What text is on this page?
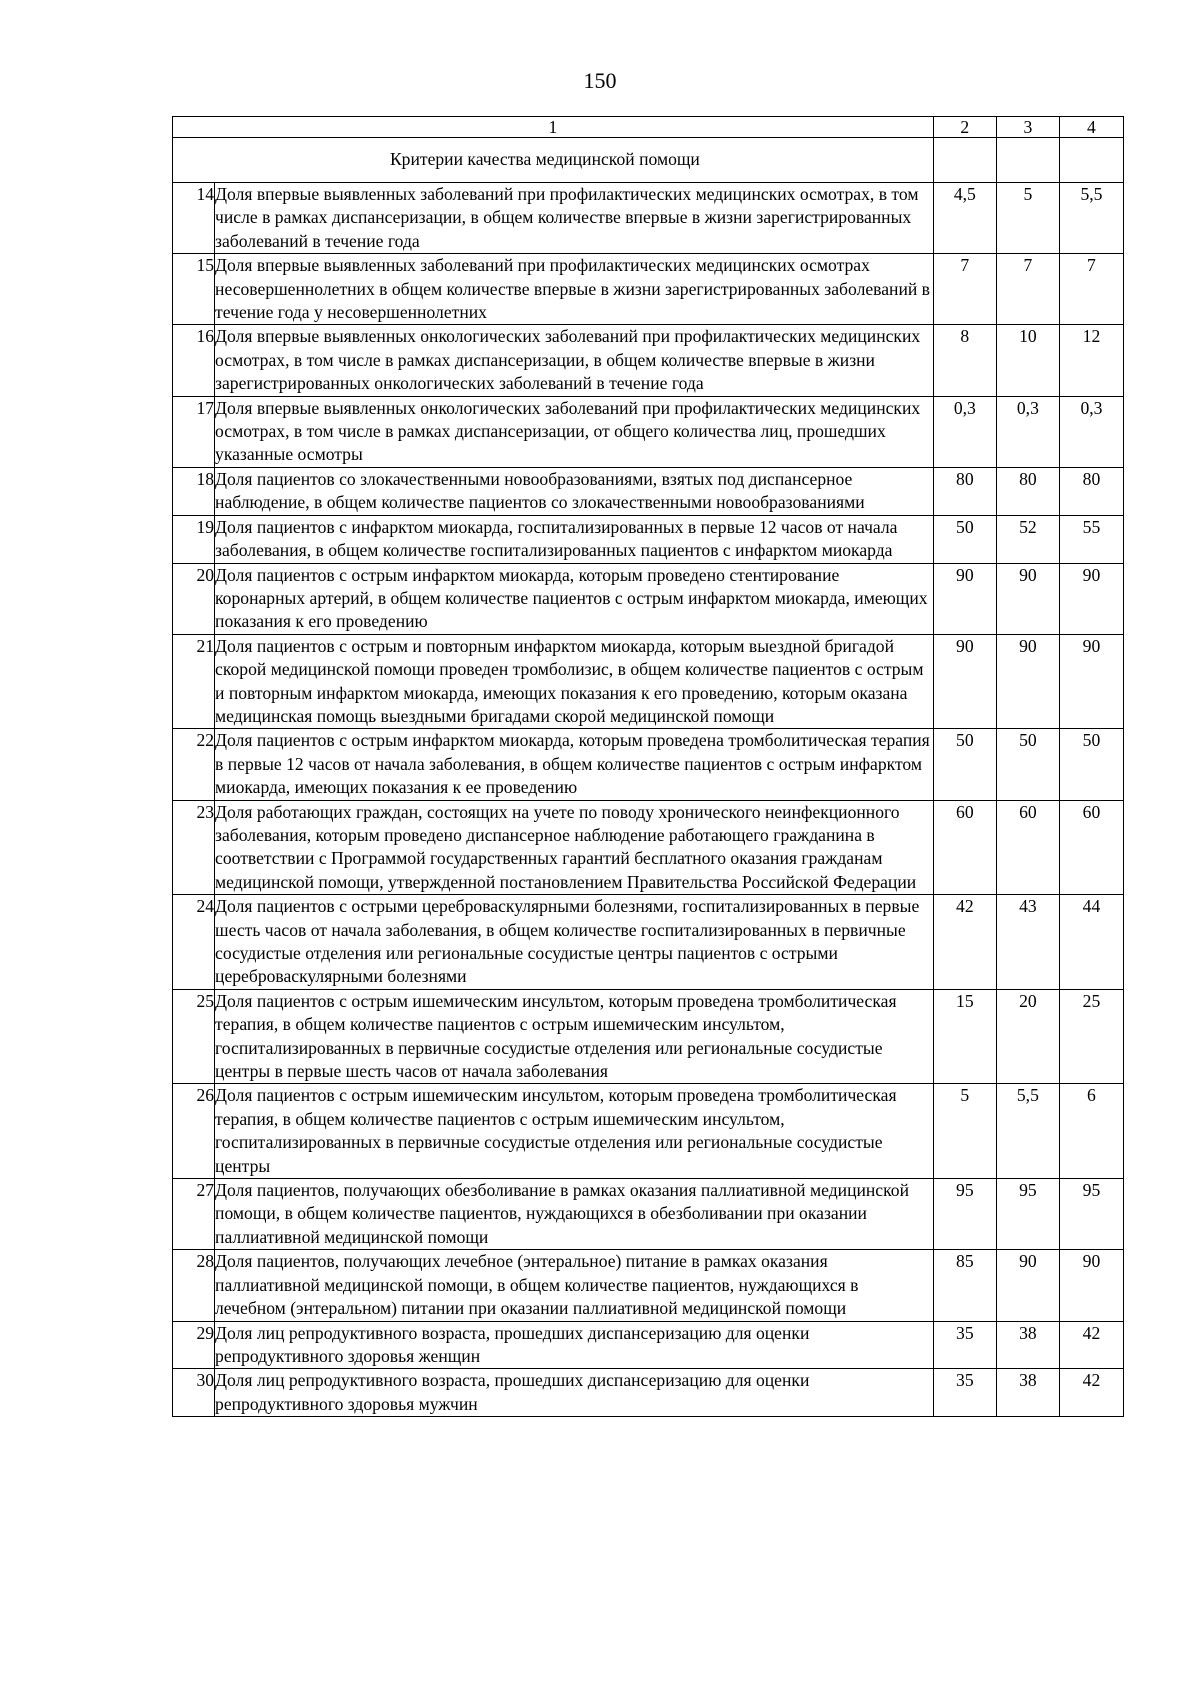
150
1		2	3	4
Критерии качества медицинской помощи				
14	Доля впервые выявленных заболеваний при профилактических медицинских осмотрах, в том числе в рамках диспансеризации, в общем количестве впервые в жизни зарегистрированных заболеваний в течение года	4,5	5	5,5
15	Доля впервые выявленных заболеваний при профилактических медицинских осмотрах несовершеннолетних в общем количестве впервые в жизни зарегистрированных заболеваний в течение года у несовершеннолетних	7	7	7
16	Доля впервые выявленных онкологических заболеваний при профилактических медицинских осмотрах, в том числе в рамках диспансеризации, в общем количестве впервые в жизни зарегистрированных онкологических заболеваний в течение года	8	10	12
17	Доля впервые выявленных онкологических заболеваний при профилактических медицинских осмотрах, в том числе в рамках диспансеризации, от общего количества лиц, прошедших указанные осмотры	0,3	0,3	0,3
18	Доля пациентов со злокачественными новообразованиями, взятых под диспансерное наблюдение, в общем количестве пациентов со злокачественными новообразованиями	80	80	80
19	Доля пациентов с инфарктом миокарда, госпитализированных в первые 12 часов от начала заболевания, в общем количестве госпитализированных пациентов с инфарктом миокарда	50	52	55
20	Доля пациентов с острым инфарктом миокарда, которым проведено стентирование коронарных артерий, в общем количестве пациентов с острым инфарктом миокарда, имеющих показания к его проведению	90	90	90
21	Доля пациентов с острым и повторным инфарктом миокарда, которым выездной бригадой скорой медицинской помощи проведен тромболизис, в общем количестве пациентов с острым и повторным инфарктом миокарда, имеющих показания к его проведению, которым оказана медицинская помощь выездными бригадами скорой медицинской помощи	90	90	90
22	Доля пациентов с острым инфарктом миокарда, которым проведена тромболитическая терапия в первые 12 часов от начала заболевания, в общем количестве пациентов с острым инфарктом миокарда, имеющих показания к ее проведению	50	50	50
23	Доля работающих граждан, состоящих на учете по поводу хронического неинфекционного заболевания, которым проведено диспансерное наблюдение работающего гражданина в соответствии с Программой государственных гарантий бесплатного оказания гражданам медицинской помощи, утвержденной постановлением Правительства Российской Федерации	60	60	60
24	Доля пациентов с острыми цереброваскулярными болезнями, госпитализированных в первые шесть часов от начала заболевания, в общем количестве госпитализированных в первичные сосудистые отделения или региональные сосудистые центры пациентов с острыми цереброваскулярными болезнями	42	43	44
25	Доля пациентов с острым ишемическим инсультом, которым проведена тромболитическая терапия, в общем количестве пациентов с острым ишемическим инсультом, госпитализированных в первичные сосудистые отделения или региональные сосудистые центры в первые шесть часов от начала заболевания	15	20	25
26	Доля пациентов с острым ишемическим инсультом, которым проведена тромболитическая терапия, в общем количестве пациентов с острым ишемическим инсультом, госпитализированных в первичные сосудистые отделения или региональные сосудистые центры	5	5,5	6
27	Доля пациентов, получающих обезболивание в рамках оказания паллиативной медицинской помощи, в общем количестве пациентов, нуждающихся в обезболивании при оказании паллиативной медицинской помощи	95	95	95
28	Доля пациентов, получающих лечебное (энтеральное) питание в рамках оказания паллиативной медицинской помощи, в общем количестве пациентов, нуждающихся в лечебном (энтеральном) питании при оказании паллиативной медицинской помощи	85	90	90
29	Доля лиц репродуктивного возраста, прошедших диспансеризацию для оценки репродуктивного здоровья женщин	35	38	42
30	Доля лиц репродуктивного возраста, прошедших диспансеризацию для оценки репродуктивного здоровья мужчин	35	38	42
